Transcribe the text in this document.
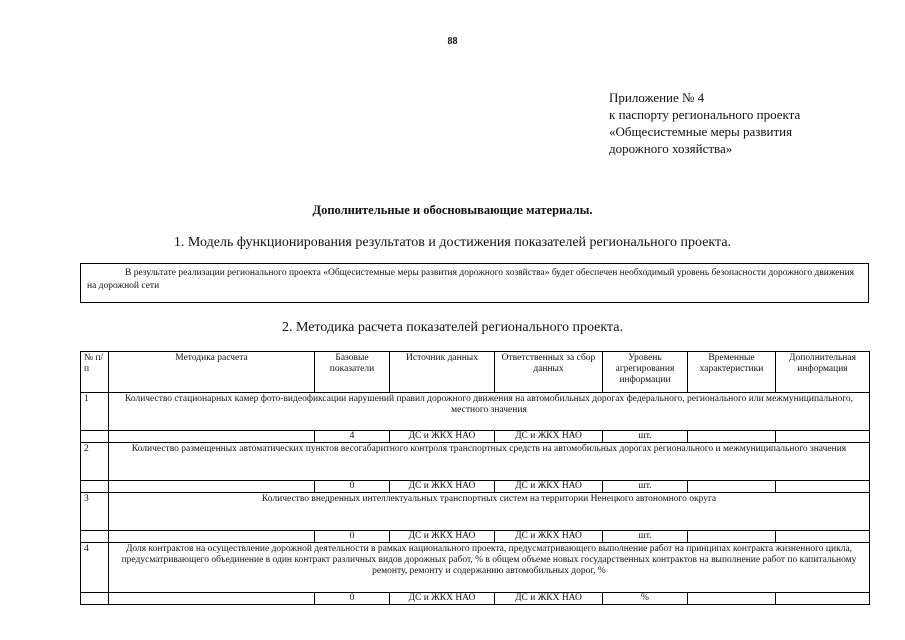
88
Приложение № 4
к паспорту регионального проекта
«Общесистемные меры развития
дорожного хозяйства»
Дополнительные и обосновывающие материалы.
1. Модель функционирования результатов и достижения показателей регионального проекта.
В результате реализации регионального проекта «Общесистемные меры развития дорожного хозяйства» будет обеспечен необходимый уровень безопасности дорожного движения на дорожной сети
2. Методика расчета показателей регионального проекта.
№ п/п	Методика расчета	Базовые показатели	Источник данных	Ответственных за сбор данных	Уровень агрегирования информации	Временные характеристики	Дополнительная информация
1	Количество стационарных камер фото-видеофиксации нарушений правил дорожного движения на автомобильных дорогах федерального, регионального или межмуниципального, местного значения						
		4	ДС и ЖКХ НАО	ДС и ЖКХ НАО	шт.		
2	Количество размещенных автоматических пунктов весогабаритного контроля транспортных средств на автомобильных дорогах регионального и межмуниципального значения						
		0	ДС и ЖКХ НАО	ДС и ЖКХ НАО	шт.		
3	Количество внедренных интеллектуальных транспортных систем на территории Ненецкого автономного округа						
		0	ДС и ЖКХ НАО	ДС и ЖКХ НАО	шт.		
4	Доля контрактов на осуществление дорожной деятельности в рамках национального проекта, предусматривающего выполнение работ на принципах контракта жизненного цикла, предусматривающего объединение в один контракт различных видов дорожных работ, % в общем объеме новых государственных контрактов на выполнение работ по капитальному ремонту, ремонту и содержанию автомобильных дорог, %						
		0	ДС и ЖКХ НАО	ДС и ЖКХ НАО	%		
